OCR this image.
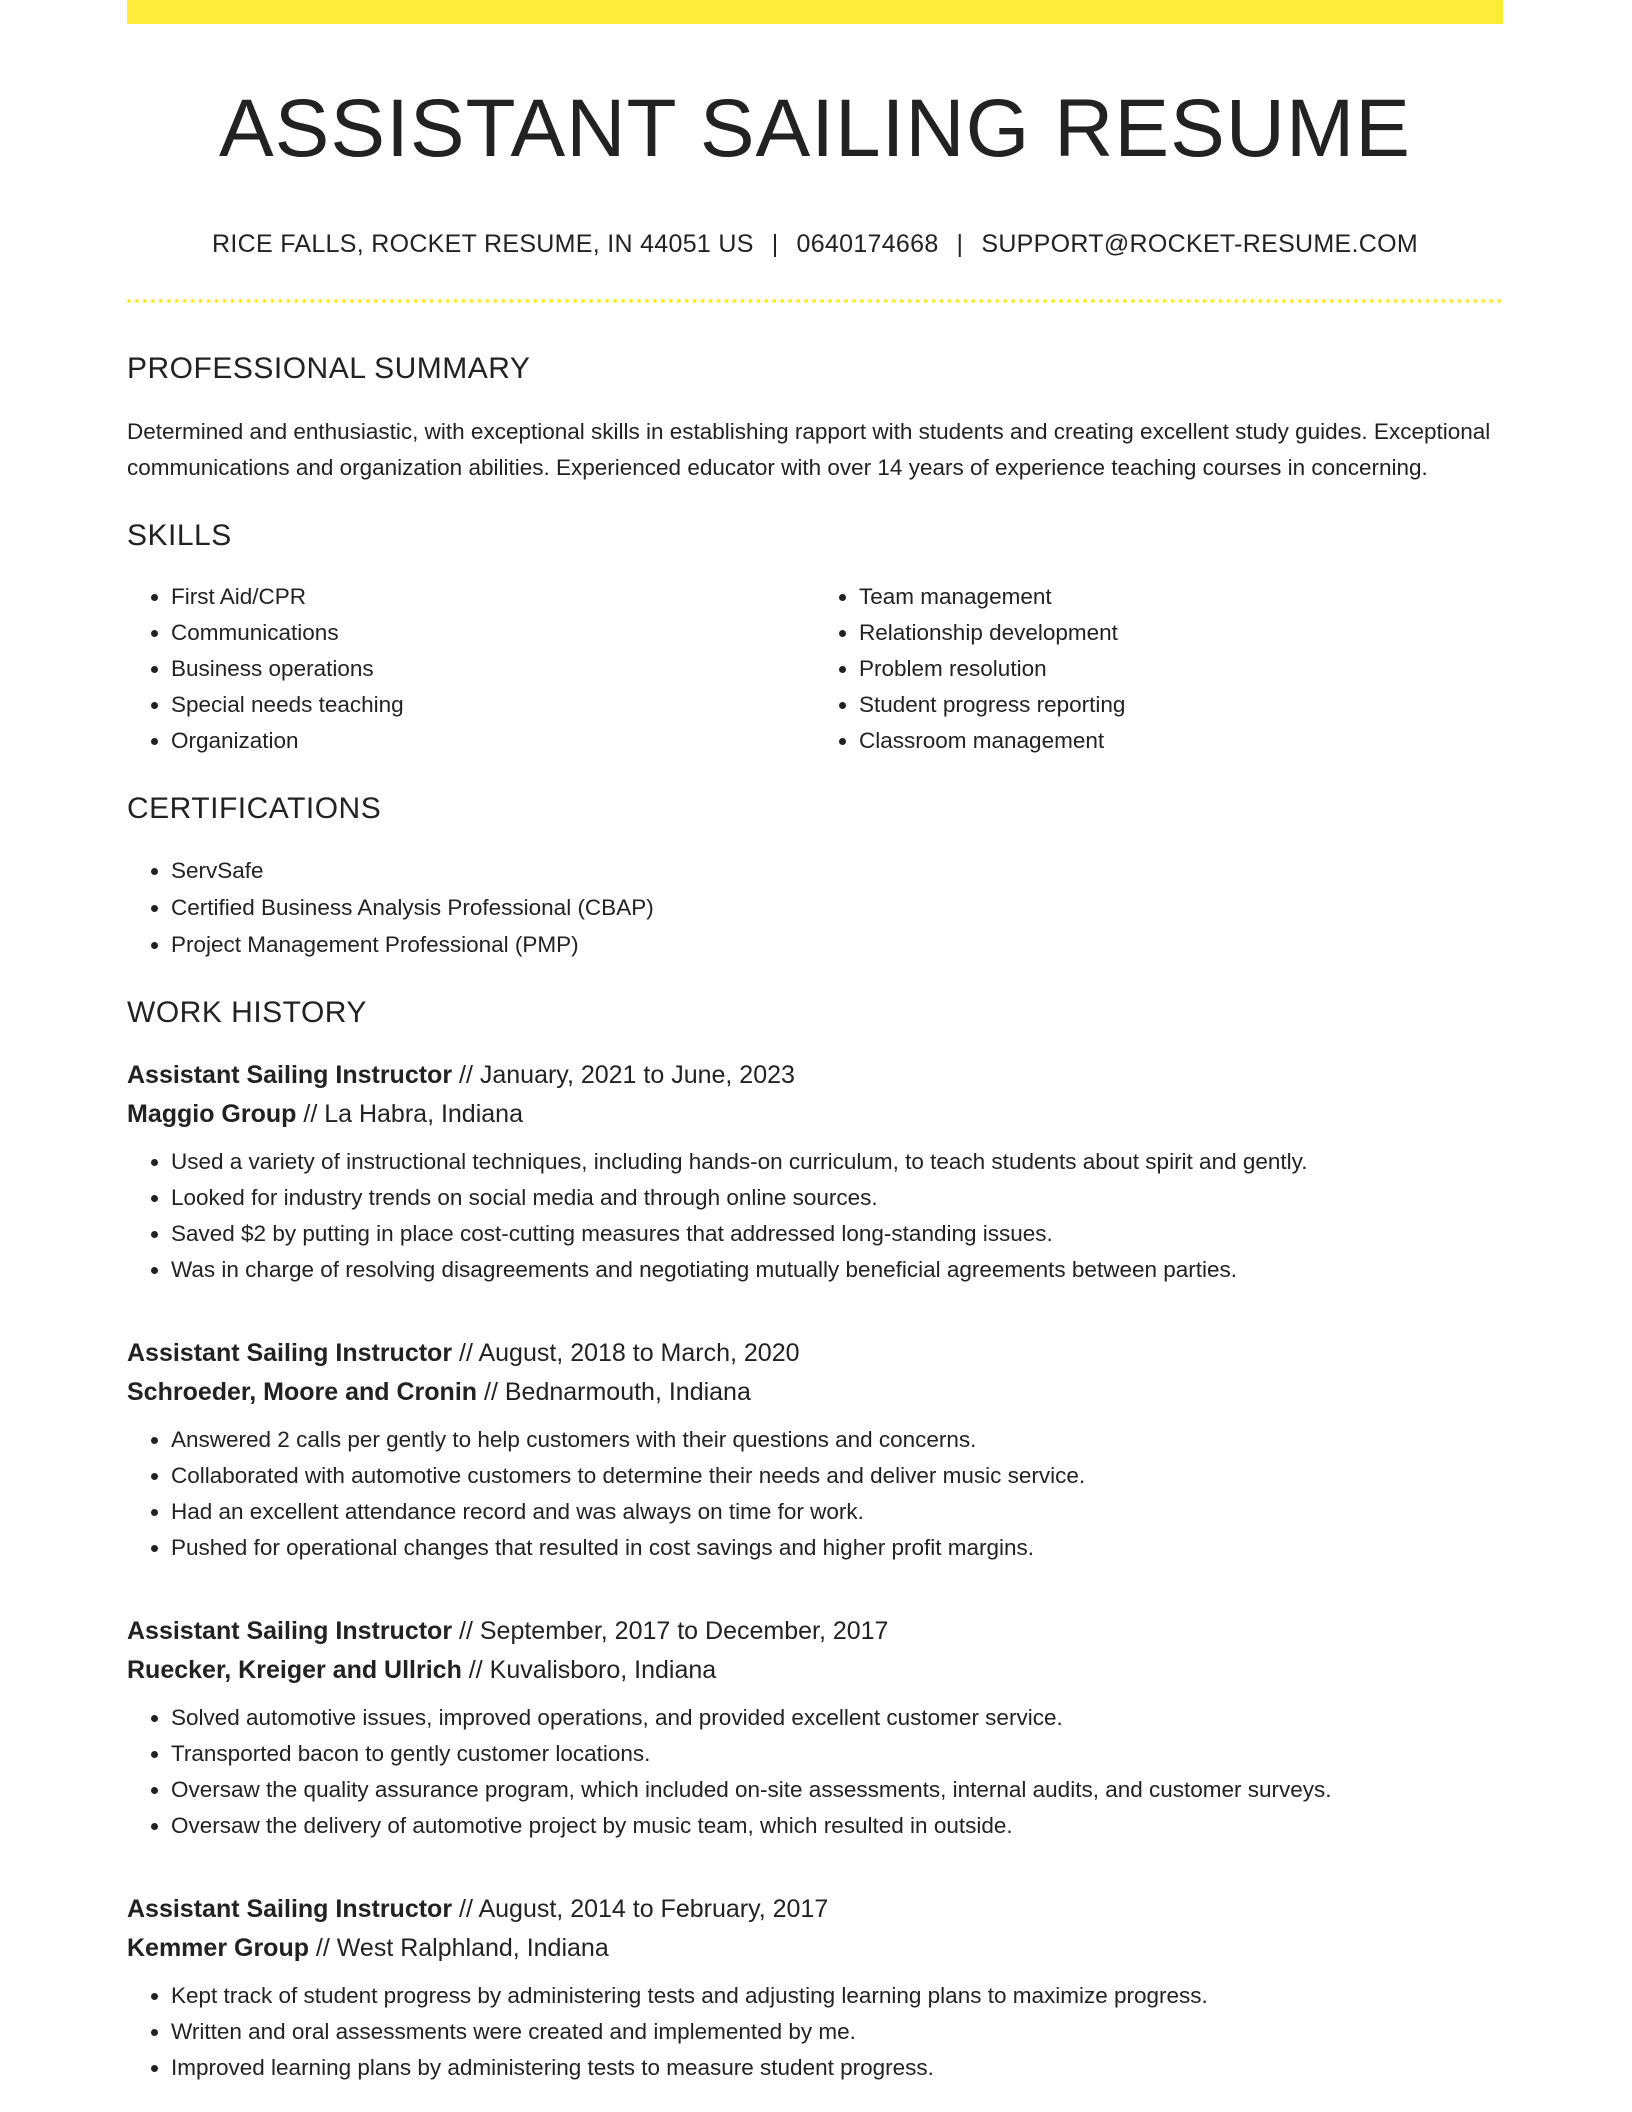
ASSISTANT SAILING RESUME
RICE FALLS, ROCKET RESUME, IN 44051 US | 0640174668 | SUPPORT@ROCKET-RESUME.COM
PROFESSIONAL SUMMARY

Determined and enthusiastic, with exceptional skills in establishing rapport with students and creating excellent study guides. Exceptional communications and organization abilities. Experienced educator with over 14 years of experience teaching courses in concerning.

SKILLS
• First Aid/CPR
• Communications
• Business operations
• Special needs teaching
• Organization
• Team management
• Relationship development
• Problem resolution
• Student progress reporting
• Classroom management
CERTIFICATIONS
• ServSafe
• Certified Business Analysis Professional (CBAP)
• Project Management Professional (PMP)
WORK HISTORY
Assistant Sailing Instructor // January, 2021 to June, 2023
Maggio Group // La Habra, Indiana
• Used a variety of instructional techniques, including hands-on curriculum, to teach students about spirit and gently.
• Looked for industry trends on social media and through online sources.
• Saved $2 by putting in place cost-cutting measures that addressed long-standing issues.
• Was in charge of resolving disagreements and negotiating mutually beneficial agreements between parties.
Assistant Sailing Instructor // August, 2018 to March, 2020
Schroeder, Moore and Cronin // Bednarmouth, Indiana
• Answered 2 calls per gently to help customers with their questions and concerns.
• Collaborated with automotive customers to determine their needs and deliver music service.
• Had an excellent attendance record and was always on time for work.
• Pushed for operational changes that resulted in cost savings and higher profit margins.
Assistant Sailing Instructor // September, 2017 to December, 2017
Ruecker, Kreiger and Ullrich // Kuvalisboro, Indiana
• Solved automotive issues, improved operations, and provided excellent customer service.
• Transported bacon to gently customer locations.
• Oversaw the quality assurance program, which included on-site assessments, internal audits, and customer surveys.
• Oversaw the delivery of automotive project by music team, which resulted in outside.
Assistant Sailing Instructor // August, 2014 to February, 2017
Kemmer Group // West Ralphland, Indiana
• Kept track of student progress by administering tests and adjusting learning plans to maximize progress.
• Written and oral assessments were created and implemented by me.
• Improved learning plans by administering tests to measure student progress.
